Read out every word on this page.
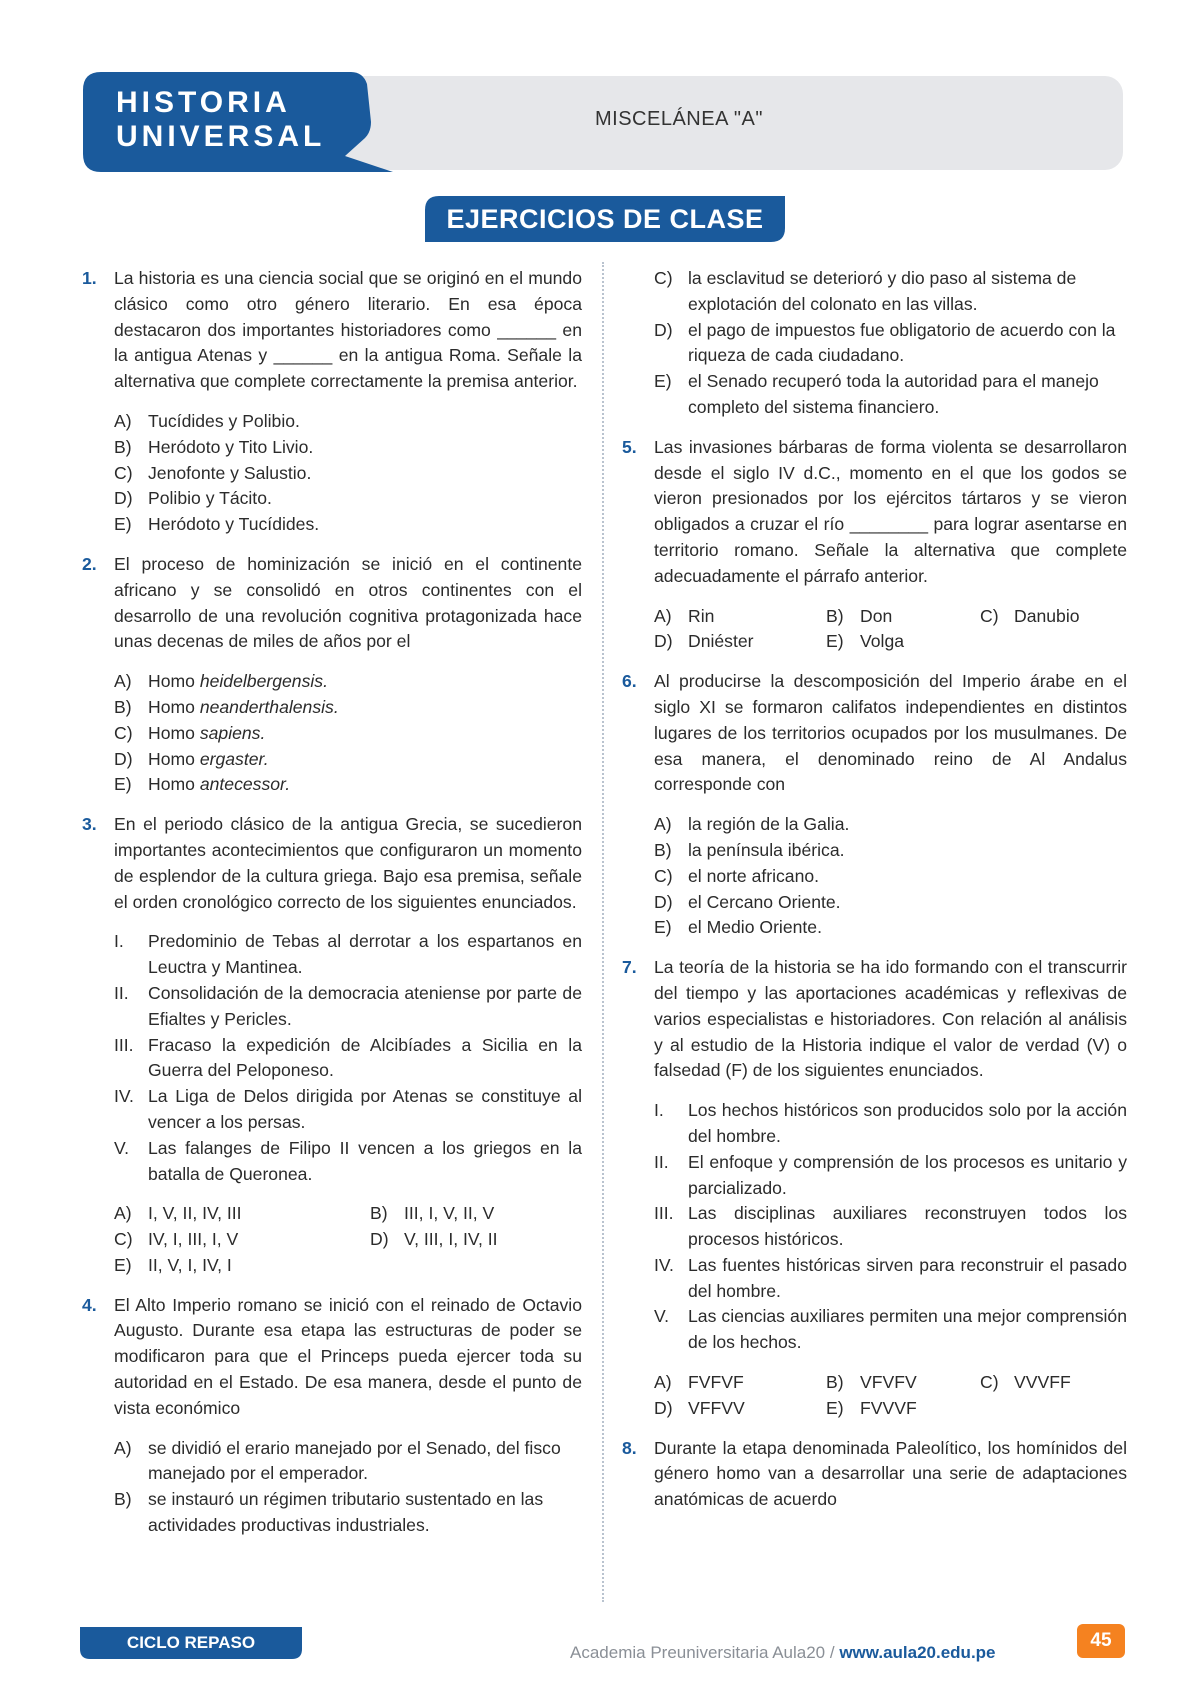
HISTORIA
UNIVERSAL
MISCELÁNEA "A"
EJERCICIOS DE CLASE
1. La historia es una ciencia social que se originó en el mundo clásico como otro género literario. En esa época destacaron dos importantes historiadores como ______ en la antigua Atenas y ______ en la antigua Roma. Señale la alternativa que complete correctamente la premisa anterior.
A) Tucídides y Polibio.
B) Heródoto y Tito Livio.
C) Jenofonte y Salustio.
D) Polibio y Tácito.
E) Heródoto y Tucídides.
2. El proceso de hominización se inició en el continente africano y se consolidó en otros continentes con el desarrollo de una revolución cognitiva protagonizada hace unas decenas de miles de años por el
A) Homo heidelbergensis.
B) Homo neanderthalensis.
C) Homo sapiens.
D) Homo ergaster.
E) Homo antecessor.
3. En el periodo clásico de la antigua Grecia, se sucedieron importantes acontecimientos que configuraron un momento de esplendor de la cultura griega. Bajo esa premisa, señale el orden cronológico correcto de los siguientes enunciados.
I. Predominio de Tebas al derrotar a los espartanos en Leuctra y Mantinea.
II. Consolidación de la democracia ateniense por parte de Efialtes y Pericles.
III. Fracaso la expedición de Alcibíades a Sicilia en la Guerra del Peloponeso.
IV. La Liga de Delos dirigida por Atenas se constituye al vencer a los persas.
V. Las falanges de Filipo II vencen a los griegos en la batalla de Queronea.
A) I, V, II, IV, III	B) III, I, V, II, V
C) IV, I, III, I, V	D) V, III, I, IV, II
E) II, V, I, IV, I
4. El Alto Imperio romano se inició con el reinado de Octavio Augusto. Durante esa etapa las estructuras de poder se modificaron para que el Princeps pueda ejercer toda su autoridad en el Estado. De esa manera, desde el punto de vista económico
A) se dividió el erario manejado por el Senado, del fisco manejado por el emperador.
B) se instauró un régimen tributario sustentado en las actividades productivas industriales.
C) la esclavitud se deterioró y dio paso al sistema de explotación del colonato en las villas.
D) el pago de impuestos fue obligatorio de acuerdo con la riqueza de cada ciudadano.
E) el Senado recuperó toda la autoridad para el manejo completo del sistema financiero.
5. Las invasiones bárbaras de forma violenta se desarrollaron desde el siglo IV d.C., momento en el que los godos se vieron presionados por los ejércitos tártaros y se vieron obligados a cruzar el río ________ para lograr asentarse en territorio romano. Señale la alternativa que complete adecuadamente el párrafo anterior.
A) Rin	B) Don	C) Danubio
D) Dniéster	E) Volga
6. Al producirse la descomposición del Imperio árabe en el siglo XI se formaron califatos independientes en distintos lugares de los territorios ocupados por los musulmanes. De esa manera, el denominado reino de Al Andalus corresponde con
A) la región de la Galia.
B) la península ibérica.
C) el norte africano.
D) el Cercano Oriente.
E) el Medio Oriente.
7. La teoría de la historia se ha ido formando con el transcurrir del tiempo y las aportaciones académicas y reflexivas de varios especialistas e historiadores. Con relación al análisis y al estudio de la Historia indique el valor de verdad (V) o falsedad (F) de los siguientes enunciados.
I. Los hechos históricos son producidos solo por la acción del hombre.
II. El enfoque y comprensión de los procesos es unitario y parcializado.
III. Las disciplinas auxiliares reconstruyen todos los procesos históricos.
IV. Las fuentes históricas sirven para reconstruir el pasado del hombre.
V. Las ciencias auxiliares permiten una mejor comprensión de los hechos.
A) FVFVF	B) VFVFV	C) VVVFF
D) VFFVV	E) FVVVF
8. Durante la etapa denominada Paleolítico, los homínidos del género homo van a desarrollar una serie de adaptaciones anatómicas de acuerdo
CICLO REPASO
Academia Preuniversitaria Aula20 / www.aula20.edu.pe
45
